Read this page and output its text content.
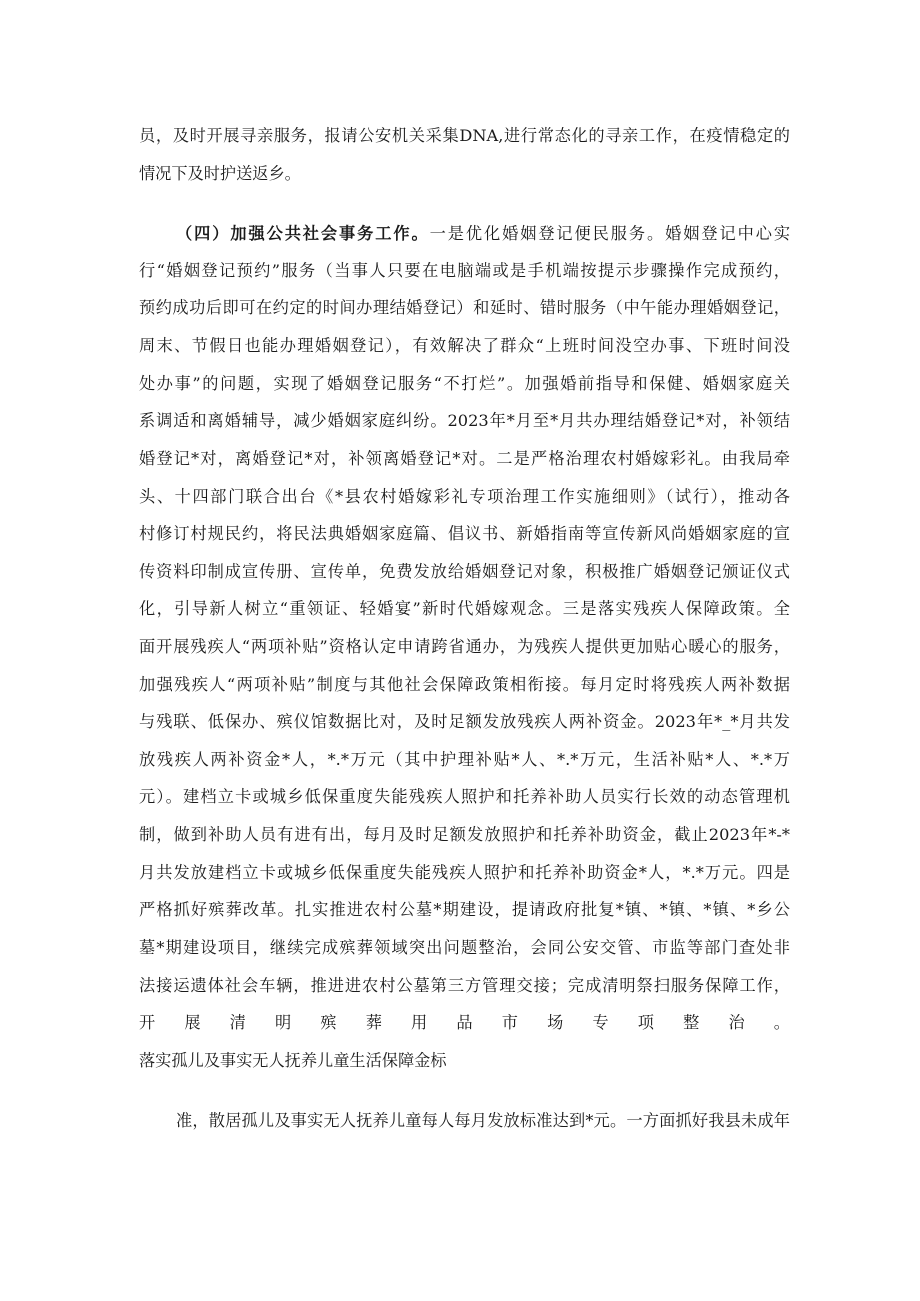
员，及时开展寻亲服务，报请公安机关采集DNA,进行常态化的寻亲工作，在疫情稳定的
情况下及时护送返乡。
（四）加强公共社会事务工作。一是优化婚姻登记便民服务。婚姻登记中心实
行“婚姻登记预约”服务（当事人只要在电脑端或是手机端按提示步骤操作完成预约，
预约成功后即可在约定的时间办理结婚登记）和延时、错时服务（中午能办理婚姻登记，
周末、节假日也能办理婚姻登记），有效解决了群众“上班时间没空办事、下班时间没
处办事”的问题，实现了婚姻登记服务“不打烂”。加强婚前指导和保健、婚姻家庭关
系调适和离婚辅导，减少婚姻家庭纠纷。2023年*月至*月共办理结婚登记*对，补领结
婚登记*对，离婚登记*对，补领离婚登记*对。二是严格治理农村婚嫁彩礼。由我局牵
头、十四部门联合出台《*县农村婚嫁彩礼专项治理工作实施细则》（试行），推动各
村修订村规民约，将民法典婚姻家庭篇、倡议书、新婚指南等宣传新风尚婚姻家庭的宣
传资料印制成宣传册、宣传单，免费发放给婚姻登记对象，积极推广婚姻登记颁证仪式
化，引导新人树立“重领证、轻婚宴”新时代婚嫁观念。三是落实残疾人保障政策。全
面开展残疾人“两项补贴”资格认定申请跨省通办，为残疾人提供更加贴心暖心的服务，
加强残疾人“两项补贴”制度与其他社会保障政策相衔接。每月定时将残疾人两补数据
与残联、低保办、殡仪馆数据比对，及时足额发放残疾人两补资金。2023年*_*月共发
放残疾人两补资金*人，*.*万元（其中护理补贴*人、*.*万元，生活补贴*人、*.*万
元）。建档立卡或城乡低保重度失能残疾人照护和托养补助人员实行长效的动态管理机
制，做到补助人员有进有出，每月及时足额发放照护和托养补助资金，截止2023年*-*
月共发放建档立卡或城乡低保重度失能残疾人照护和托养补助资金*人，*.*万元。四是
严格抓好殡葬改革。扎实推进农村公墓*期建设，提请政府批复*镇、*镇、*镇、*乡公
墓*期建设项目，继续完成殡葬领域突出问题整治，会同公安交管、市监等部门查处非
法接运遗体社会车辆，推进进农村公墓第三方管理交接；完成清明祭扫服务保障工作，
开展清明殡葬用品市场专项整治。
落实孤儿及事实无人抚养儿童生活保障金标
准，散居孤儿及事实无人抚养儿童每人每月发放标准达到*元。一方面抓好我县未成年
